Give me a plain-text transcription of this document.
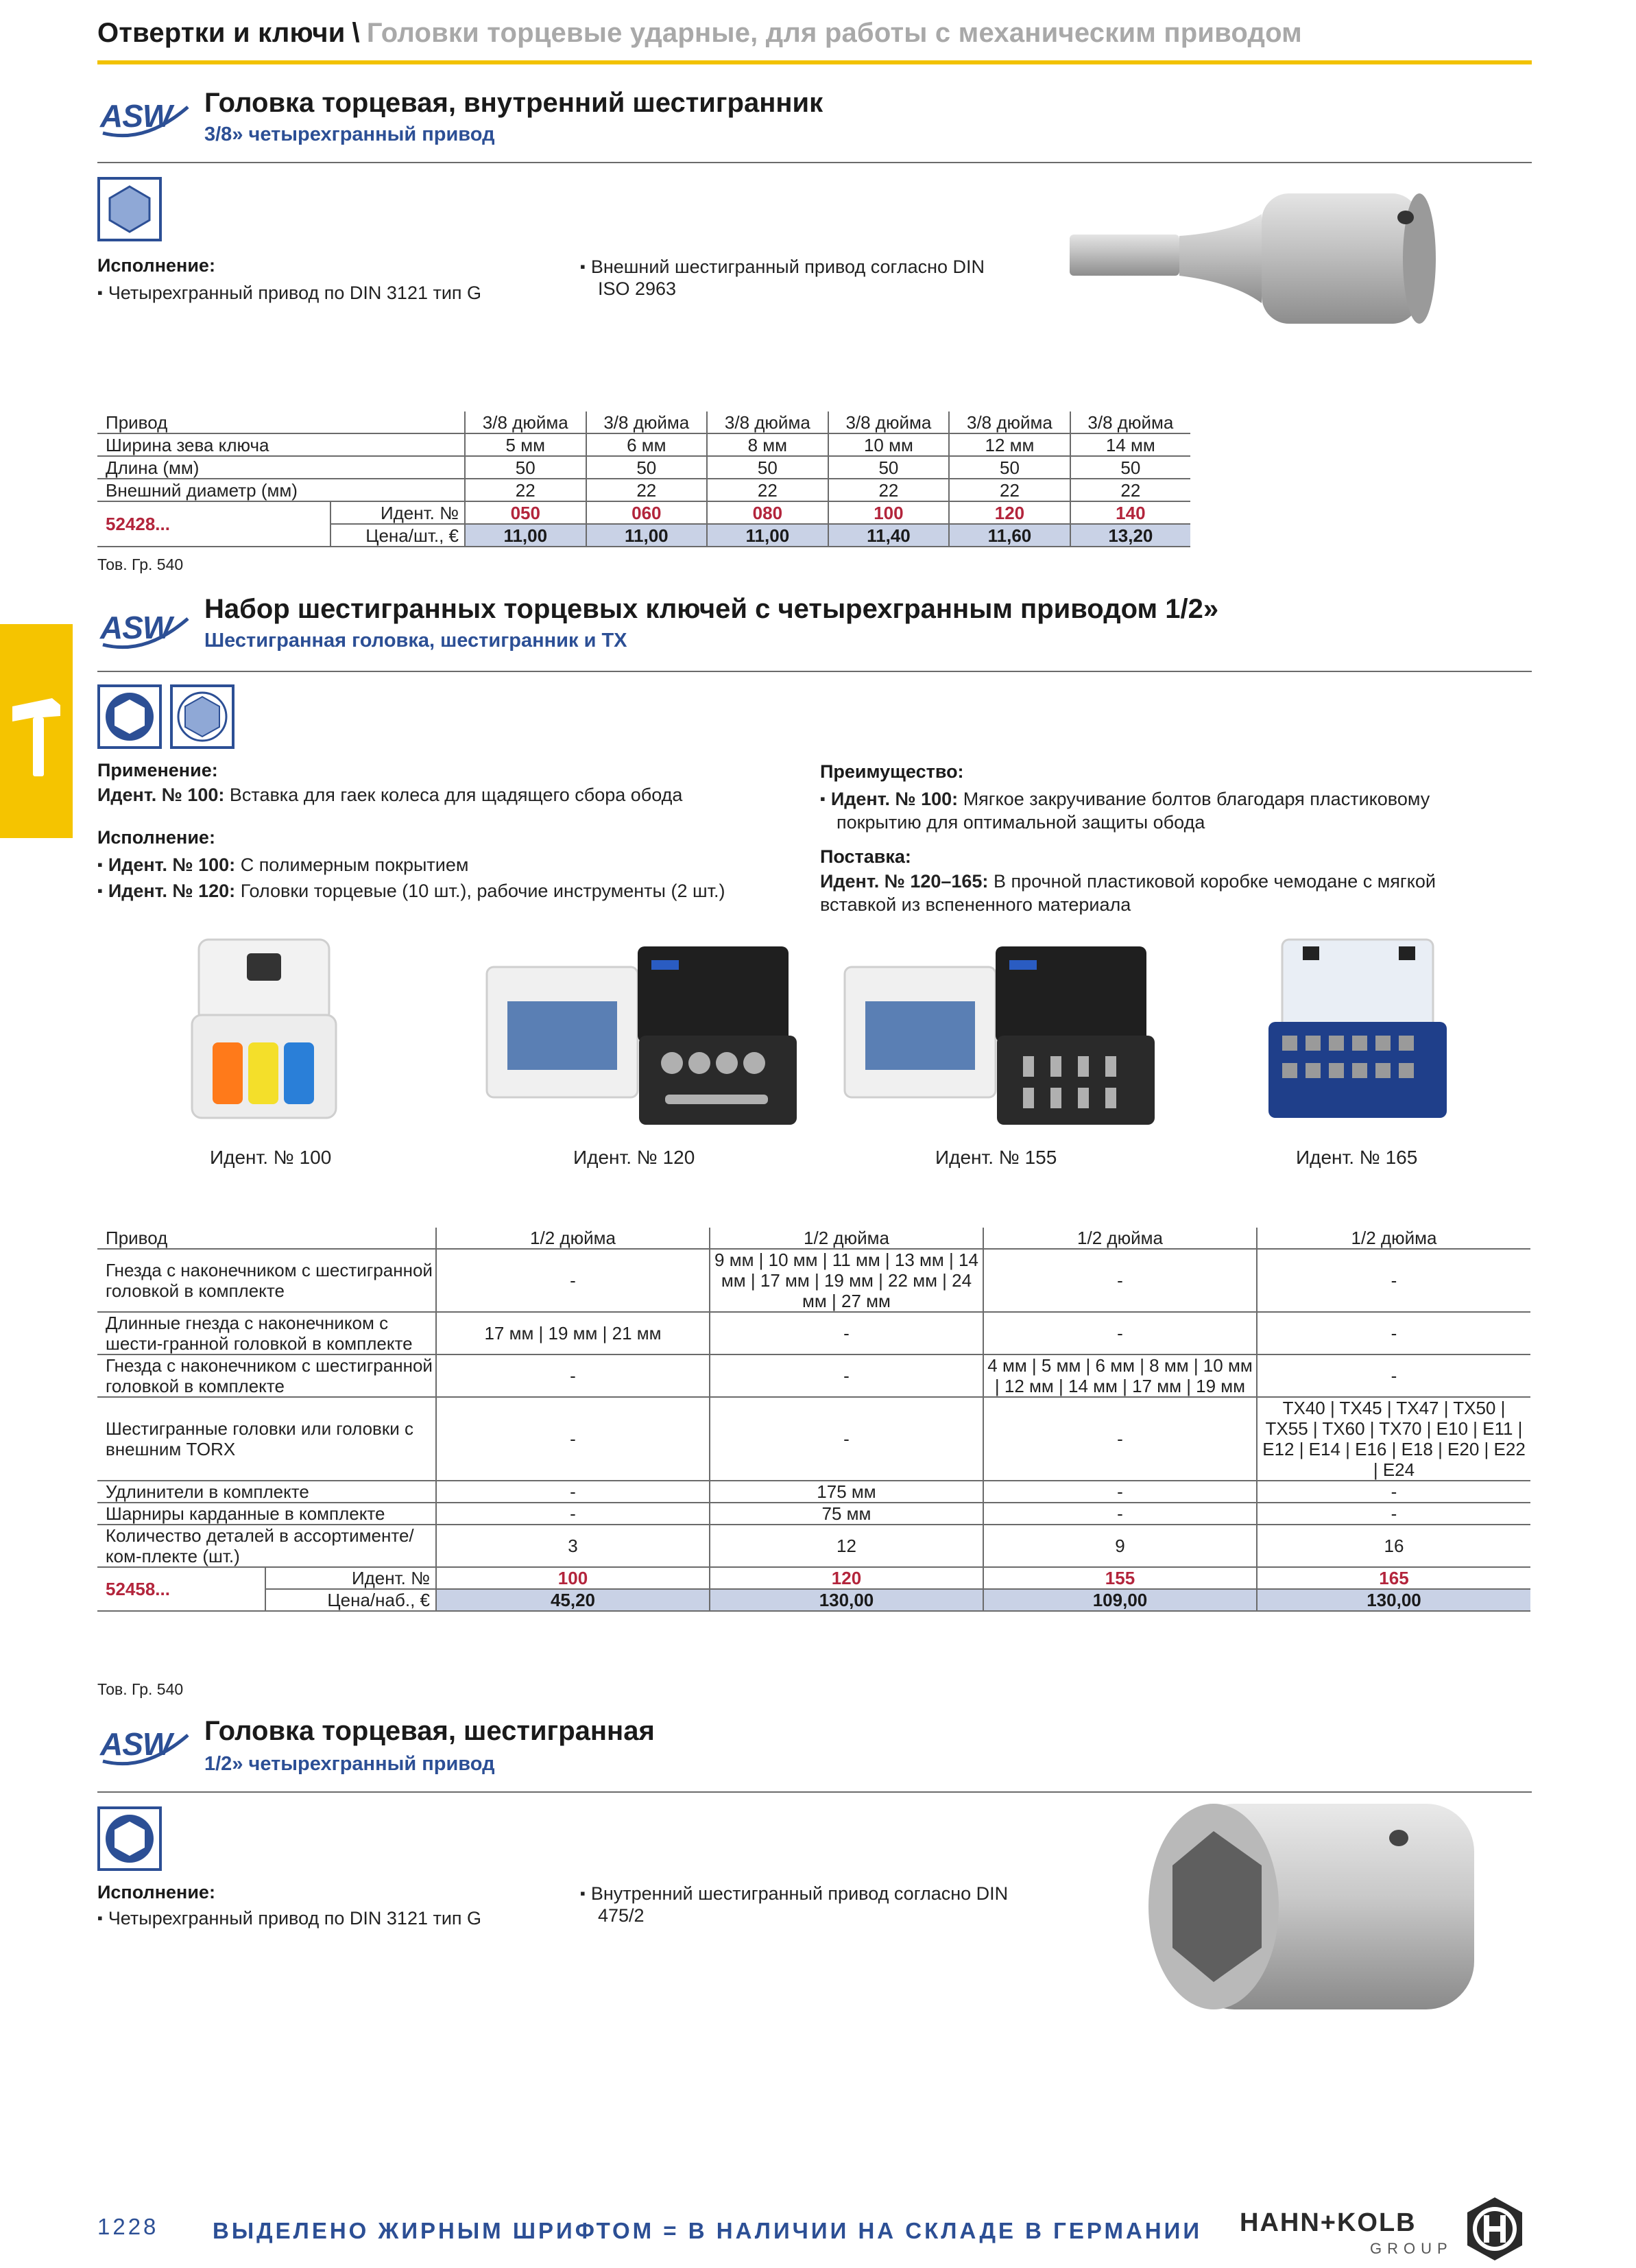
Отвертки и ключи \ Головки торцевые ударные, для работы с механическим приводом
ASW Головка торцевая, внутренний шестигранник
3/8» четырехгранный привод
Исполнение:
▪ Четырехгранный привод по DIN 3121 тип G
▪ Внешний шестигранный привод согласно DIN
ISO 2963
Привод		3/8 дюйма	3/8 дюйма	3/8 дюйма	3/8 дюйма	3/8 дюйма	3/8 дюйма
Ширина зева ключа		5 мм	6 мм	8 мм	10 мм	12 мм	14 мм
Длина (мм)		50	50	50	50	50	50
Внешний диаметр (мм)		22	22	22	22	22	22
52428...	Идент. №	050	060	080	100	120	140
	Цена/шт., €	11,00	11,00	11,00	11,40	11,60	13,20
Тов. Гр. 540
ASW
Набор шестигранных торцевых ключей с четырехгранным приводом 1/2»
Шестигранная головка, шестигранник и TX
Применение:
Идент. № 100: Вставка для гаек колеса для щадящего сбора обода
Исполнение:
▪ Идент. № 100: С полимерным покрытием
▪ Идент. № 120: Головки торцевые (10 шт.), рабочие инструменты (2 шт.)
Преимущество:
▪ Идент. № 100: Мягкое закручивание болтов благодаря пластиковому
покрытию для оптимальной защиты обода
Поставка:
Идент. № 120–165: В прочной пластиковой коробке чемодане с мягкой
вставкой из вспененного материала
Идент. № 100	Идент. № 120	Идент. № 155	Идент. № 165
Привод		1/2 дюйма	1/2 дюйма	1/2 дюйма	1/2 дюйма
Гнезда с наконечником с шестигранной головкой в комплекте		-	9 мм | 10 мм | 11 мм | 13 мм | 14 мм | 17 мм | 19 мм | 22 мм | 24 мм | 27 мм	-	-
Длинные гнезда с наконечником с шести-гранной головкой в комплекте		17 мм | 19 мм | 21 мм	-	-	-
Гнезда с наконечником с шестигранной головкой в комплекте		-	-	4 мм | 5 мм | 6 мм | 8 мм | 10 мм | 12 мм | 14 мм | 17 мм | 19 мм	-
Шестигранные головки или головки с внешним TORX		-	-	-	TX40 | TX45 | TX47 | TX50 | TX55 | TX60 | TX70 | E10 | E11 | E12 | E14 | E16 | E18 | E20 | E22 | E24
Удлинители в комплекте		-	175 мм	-	-
Шарниры карданные в комплекте		-	75 мм	-	-
Количество деталей в ассортименте/ком-плекте (шт.)		3	12	9	16
52458...	Идент. №	100	120	155	165
	Цена/наб., €	45,20	130,00	109,00	130,00
Тов. Гр. 540
ASW Головка торцевая, шестигранная
1/2» четырехгранный привод
Исполнение:
▪ Четырехгранный привод по DIN 3121 тип G
▪ Внутренний шестигранный привод согласно DIN
475/2
1228 ВЫДЕЛЕНО ЖИРНЫМ ШРИФТОМ = В НАЛИЧИИ НА СКЛАДЕ В ГЕРМАНИИ HAHN+KOLB
GROUP
